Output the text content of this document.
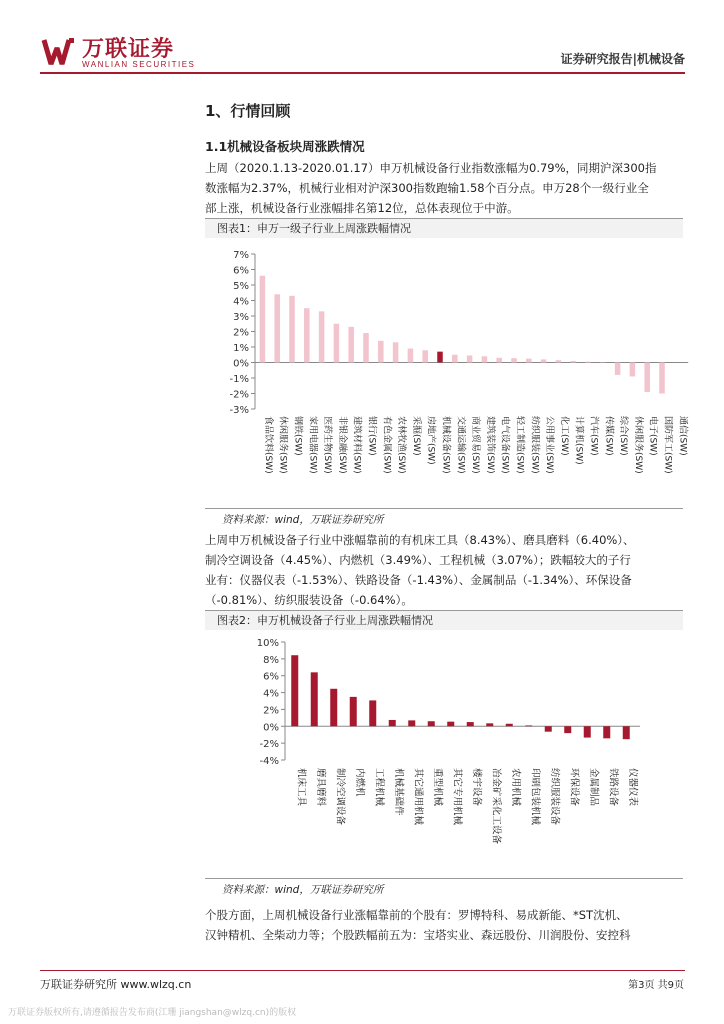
万联证券
WANLIAN SECURITIES	证券研究报告|机械设备
1、行情回顾
1.1机械设备板块周涨跌情况
上周（2020.1.13-2020.01.17）申万机械设备行业指数涨幅为0.79%，同期沪深300指
数涨幅为2.37%，机械行业相对沪深300指数跑输1.58个百分点。申万28个一级行业全
部上涨，机械设备行业涨幅排名第12位，总体表现位于中游。
图表1：申万一级子行业上周涨跌幅情况
7%
6%
5%
4%
3%
2%
1%
0%
-1%
-2%
-3%
食品饮料(SW) 休闲服务(SW) 钢铁(SW) 家用电器(SW) 医药生物(SW) 非银金融(SW) 建筑材料(SW) 银行(SW) 有色金属(SW) 农林牧渔(SW) 采掘(SW) 房地产(SW) 机械设备(SW) 交通运输(SW) 商业贸易(SW) 建筑装饰(SW) 电气设备(SW) 轻工制造(SW) 纺织服装(SW) 公用事业(SW) 化工(SW) 计算机(SW) 汽车(SW) 传媒(SW) 综合(SW) 休闲服务(SW) 电子(SW) 国防军工(SW) 通信(SW)
资料来源：wind，万联证券研究所
上周申万机械设备子行业中涨幅靠前的有机床工具（8.43%）、磨具磨料（6.40%）、
制冷空调设备（4.45%）、内燃机（3.49%）、工程机械（3.07%）；跌幅较大的子行
业有：仪器仪表（-1.53%）、铁路设备（-1.43%）、金属制品（-1.34%）、环保设备
（-0.81%）、纺织服装设备（-0.64%）。
图表2：申万机械设备子行业上周涨跌幅情况
10%
8%
6%
4%
2%
0%
-2%
-4%
机床工具 磨具磨料 制冷空调设备 内燃机 工程机械 机械基础件 其它通用机械 重型机械 其它专用机械 楼宇设备 冶金矿采化工设备 农用机械 印刷包装机械 纺织服装设备 环保设备 金属制品 铁路设备 仪器仪表
资料来源：wind，万联证券研究所
个股方面，上周机械设备行业涨幅靠前的个股有：罗博特科、易成新能、*ST沈机、
汉钟精机、全柴动力等；个股跌幅前五为：宝塔实业、森远股份、川润股份、安控科
万联证券研究所 www.wlzq.cn	第3页 共9页
万联证券版权所有,请遵循报告发布商(江珊 jiangshan@wlzq.cn)的版权
